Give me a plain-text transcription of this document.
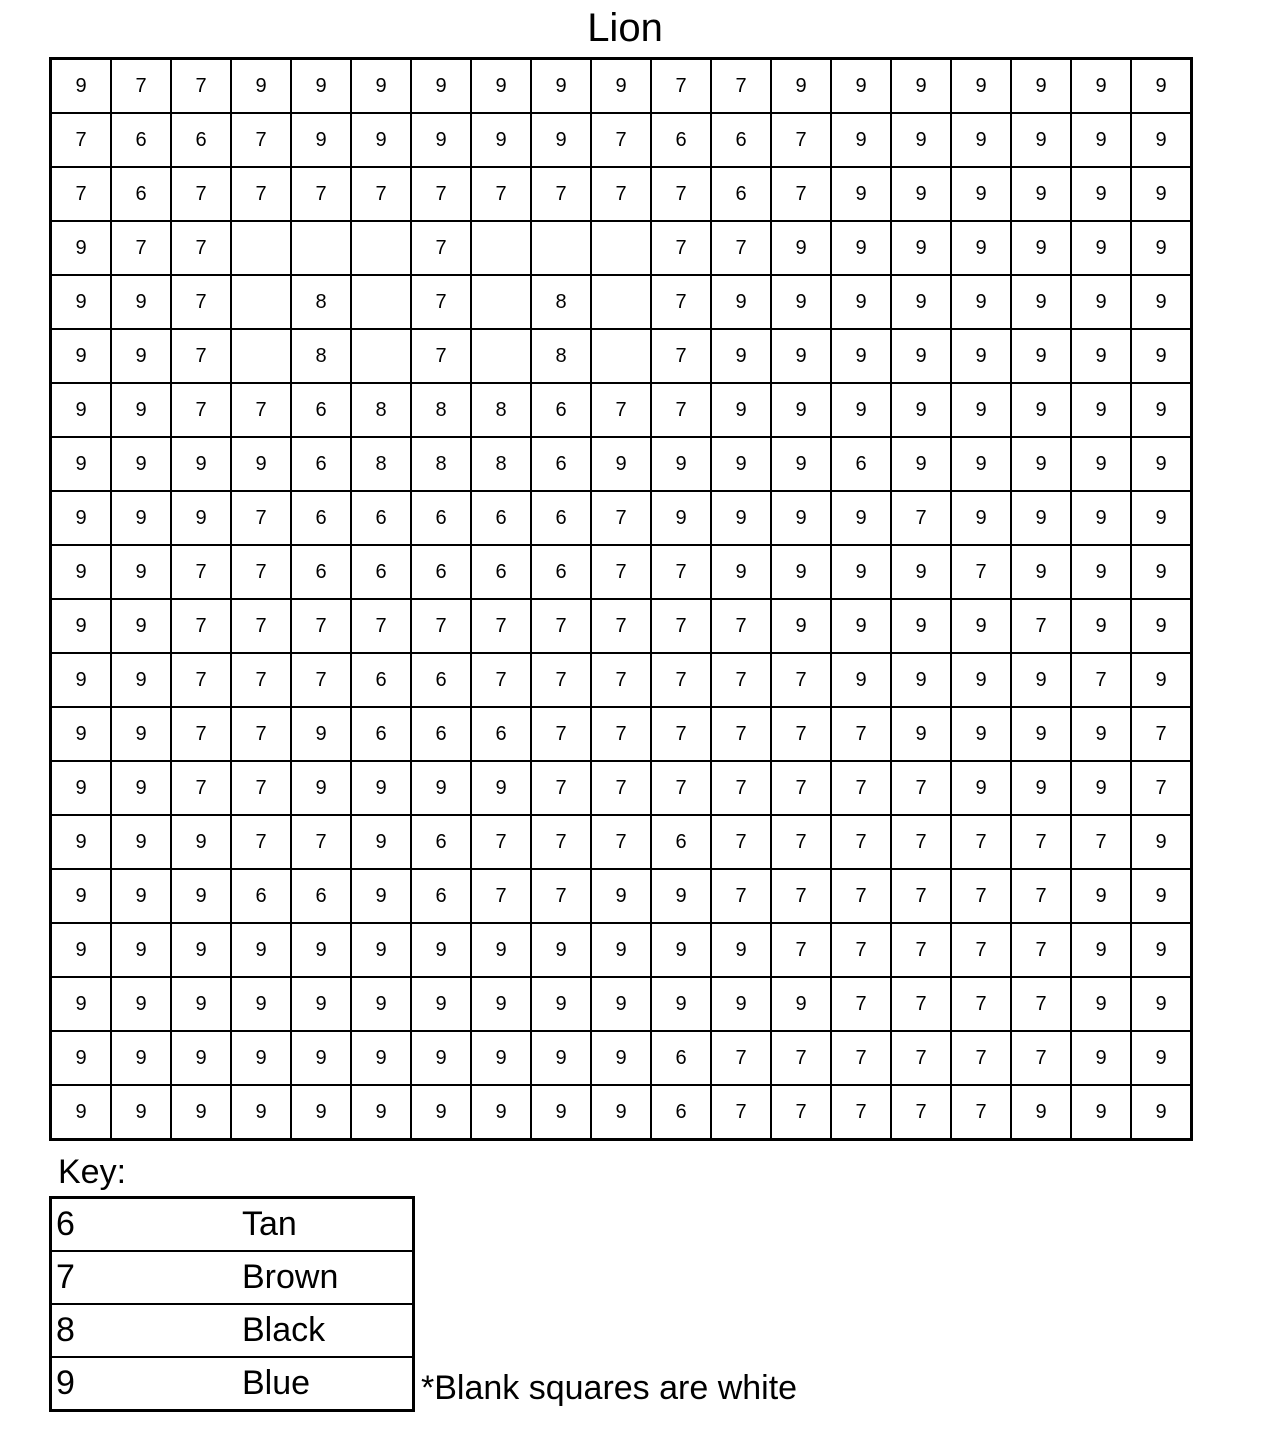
Lion
9	7	7	9	9	9	9	9	9	9	7	7	9	9	9	9	9	9	9
7	6	6	7	9	9	9	9	9	7	6	6	7	9	9	9	9	9	9
7	6	7	7	7	7	7	7	7	7	7	6	7	9	9	9	9	9	9
9	7	7				7				7	7	9	9	9	9	9	9	9
9	9	7		8		7		8		7	9	9	9	9	9	9	9	9
9	9	7		8		7		8		7	9	9	9	9	9	9	9	9
9	9	7	7	6	8	8	8	6	7	7	9	9	9	9	9	9	9	9
9	9	9	9	6	8	8	8	6	9	9	9	9	6	9	9	9	9	9
9	9	9	7	6	6	6	6	6	7	9	9	9	9	7	9	9	9	9
9	9	7	7	6	6	6	6	6	7	7	9	9	9	9	7	9	9	9
9	9	7	7	7	7	7	7	7	7	7	7	9	9	9	9	7	9	9
9	9	7	7	7	6	6	7	7	7	7	7	7	9	9	9	9	7	9
9	9	7	7	9	6	6	6	7	7	7	7	7	7	9	9	9	9	7
9	9	7	7	9	9	9	9	7	7	7	7	7	7	7	9	9	9	7
9	9	9	7	7	9	6	7	7	7	6	7	7	7	7	7	7	7	9
9	9	9	6	6	9	6	7	7	9	9	7	7	7	7	7	7	9	9
9	9	9	9	9	9	9	9	9	9	9	9	7	7	7	7	7	9	9
9	9	9	9	9	9	9	9	9	9	9	9	9	7	7	7	7	9	9
9	9	9	9	9	9	9	9	9	9	6	7	7	7	7	7	7	9	9
9	9	9	9	9	9	9	9	9	9	6	7	7	7	7	7	9	9	9
Key:
6	Tan
7	Brown
8	Black
9	Blue	*Blank squares are white
